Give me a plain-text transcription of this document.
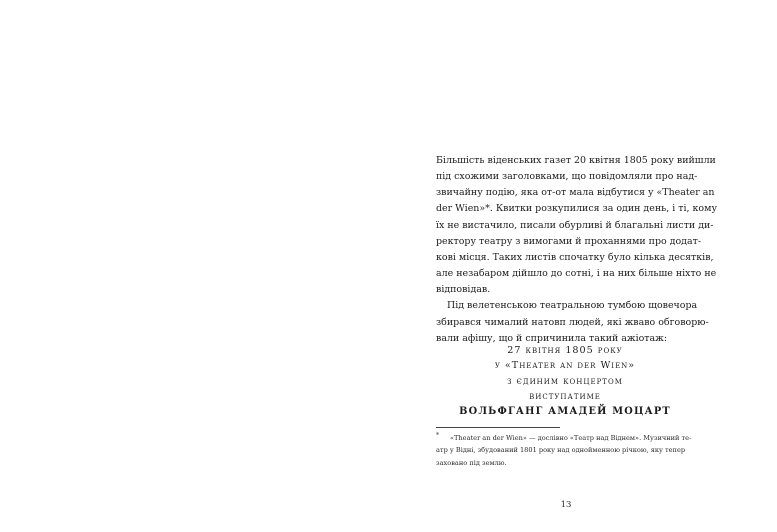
Більшість віденських газет 20 квітня 1805 року вийшли
під схожими заголовками, що повідомляли про над-
звичайну подію, яка от-от мала відбутися у «Theater an
der Wien»*. Квитки розкупилися за один день, і ті, кому
їх не вистачило, писали обурливі й благальні листи ди-
ректору театру з вимогами й проханнями про додат-
кові місця. Таких листів спочатку було кілька десятків,
але незабаром дійшло до сотні, і на них більше ніхто не
відповідав.

Під велетенською театральною тумбою щовечора
збирався чималий натовп людей, які жваво обговорю-
вали афішу, що й спричинила такий ажіотаж:

27 квітня 1805 року
у «Theater an der Wien»
з єдиним концертом
виступатиме
ВОЛЬФГАНГ АМАДЕЙ МОЦАРТ
*	«Theater an der Wien» — дослівно «Театр над Віднем». Музичний те-
атр у Відні, збудований 1801 року над однойменною річкою, яку тепер
заховано під землю.
13
